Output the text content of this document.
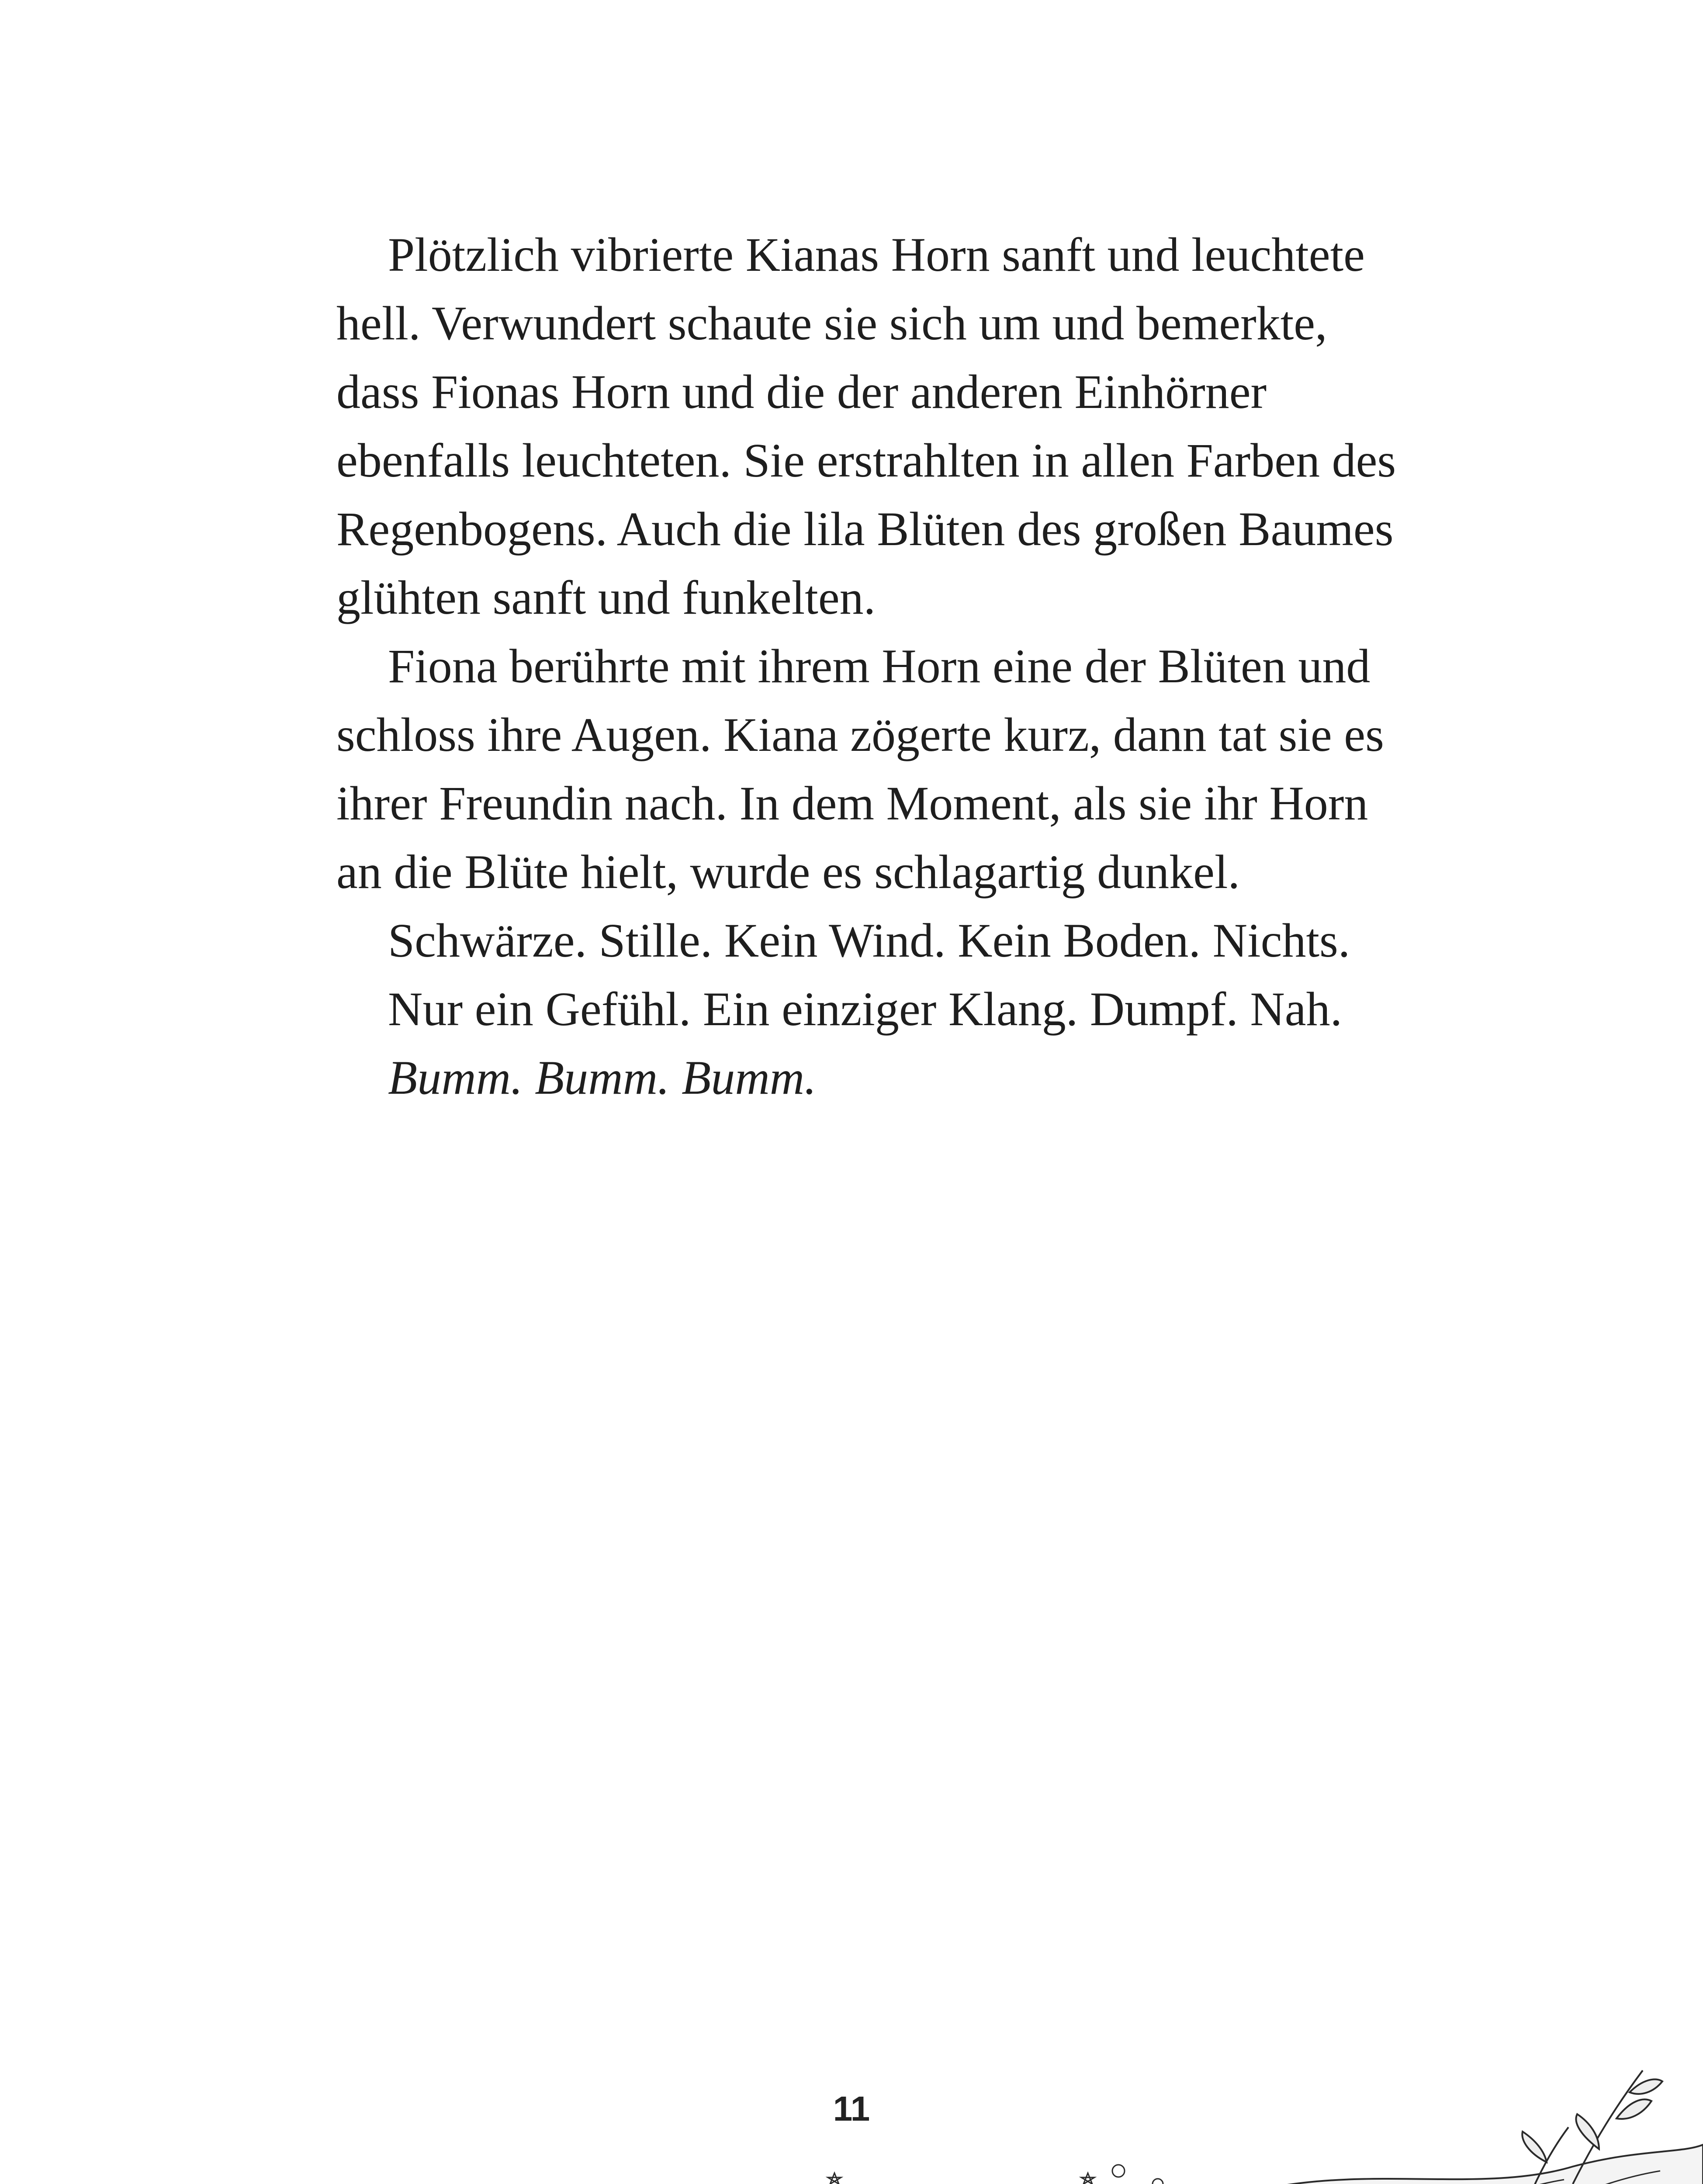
Plötzlich vibrierte Kianas Horn sanft und leuchtete
hell. Verwundert schaute sie sich um und bemerkte,
dass Fionas Horn und die der anderen Einhörner
ebenfalls leuchteten. Sie erstrahlten in allen Farben des
Regenbogens. Auch die lila Blüten des großen Baumes
glühten sanft und funkelten.

Fiona berührte mit ihrem Horn eine der Blüten und
schloss ihre Augen. Kiana zögerte kurz, dann tat sie es
ihrer Freundin nach. In dem Moment, als sie ihr Horn
an die Blüte hielt, wurde es schlagartig dunkel.

Schwärze. Stille. Kein Wind. Kein Boden. Nichts.

Nur ein Gefühl. Ein einziger Klang. Dumpf. Nah.

Bumm. Bumm. Bumm.

11
